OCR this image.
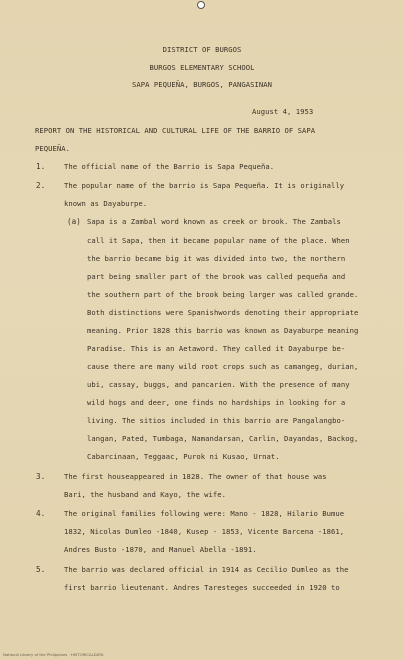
DISTRICT OF BURGOS
BURGOS ELEMENTARY SCHOOL
SAPA PEQUEÑA, BURGOS, PANGASINAN
August 4, 1953
REPORT ON THE HISTORICAL AND CULTURAL LIFE OF THE BARRIO OF SAPA
PEQUEÑA.
1.	The official name of the Barrio is Sapa Pequeña.
2.	The popular name of the barrio is Sapa Pequeña. It is originally
known as Dayaburpe.
(a) Sapa is a Zambal word known as creek or brook. The Zambals
call it Sapa, then it became popular name of the place. When
the barrio became big it was divided into two, the northern
part being smaller part of the brook was called pequeña and
the southern part of the brook being larger was called grande.
Both distinctions were Spanishwords denoting their appropriate
meaning. Prior 1828 this barrio was known as Dayaburpe meaning
Paradise. This is an Aetaword. They called it Dayaburpe be-
cause there are many wild root crops such as camangeg, durian,
ubi, cassay, buggs, and pancarien. With the presence of many
wild hogs and deer, one finds no hardships in looking for a
living. The sitios included in this barrio are Pangalangbo-
langan, Pated, Tumbaga, Namandarsan, Carlin, Dayandas, Backog,
Cabarcinaan, Teggaac, Purok ni Kusao, Urnat.
3.	The first houseappeared in 1828. The owner of that house was
Bari, the husband and Kayo, the wife.
4.	The original families following were: Mano - 1828, Hilario Bumue
1832, Nicolas Dumleo -1840, Kusep - 1853, Vicente Barcena -1861,
Andres Busto -1870, and Manuel Abella -1891.
5.	The barrio was declared official in 1914 as Cecilio Dumleo as the
first barrio lieutenant. Andres Taresteges succeeded in 1920 to
National Library of the Philippines · HISTORICALDATA
